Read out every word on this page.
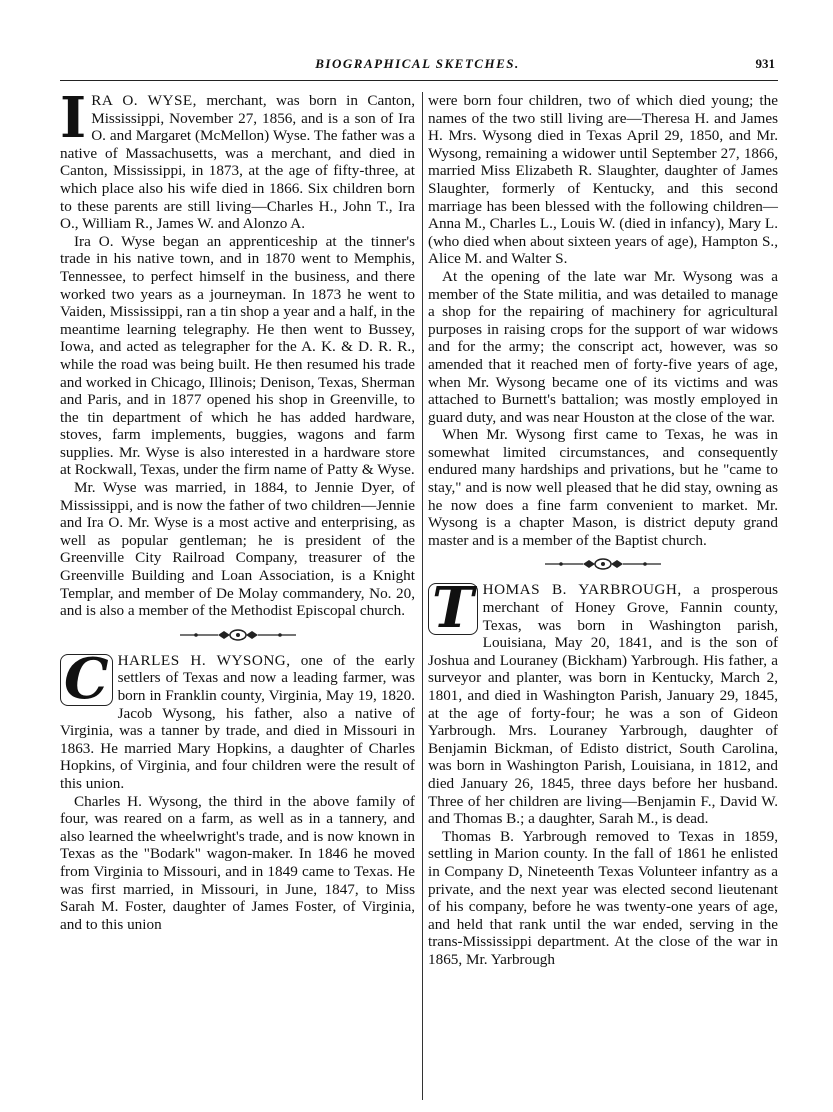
BIOGRAPHICAL SKETCHES.	931

IRA O. WYSE, merchant, was born in Canton, Mississippi, November 27, 1856, and is a son of Ira O. and Margaret (McMellon) Wyse. The father was a native of Massachusetts, was a merchant, and died in Canton, Mississippi, in 1873, at the age of fifty-three, at which place also his wife died in 1866. Six children born to these parents are still living—Charles H., John T., Ira O., William R., James W. and Alonzo A.

Ira O. Wyse began an apprenticeship at the tinner's trade in his native town, and in 1870 went to Memphis, Tennessee, to perfect himself in the business, and there worked two years as a journeyman. In 1873 he went to Vaiden, Mississippi, ran a tin shop a year and a half, in the meantime learning telegraphy. He then went to Bussey, Iowa, and acted as telegrapher for the A. K. & D. R. R., while the road was being built. He then resumed his trade and worked in Chicago, Illinois; Denison, Texas, Sherman and Paris, and in 1877 opened his shop in Greenville, to the tin department of which he has added hardware, stoves, farm implements, buggies, wagons and farm supplies. Mr. Wyse is also interested in a hardware store at Rockwall, Texas, under the firm name of Patty & Wyse.

Mr. Wyse was married, in 1884, to Jennie Dyer, of Mississippi, and is now the father of two children—Jennie and Ira O. Mr. Wyse is a most active and enterprising, as well as popular gentleman; he is president of the Greenville City Railroad Company, treasurer of the Greenville Building and Loan Association, is a Knight Templar, and member of De Molay commandery, No. 20, and is also a member of the Methodist Episcopal church.

C HARLES H. WYSONG, one of the early settlers of Texas and now a leading farmer, was born in Franklin county, Virginia, May 19, 1820. Jacob Wysong, his father, also a native of Virginia, was a tanner by trade, and died in Missouri in 1863. He married Mary Hopkins, a daughter of Charles Hopkins, of Virginia, and four children were the result of this union.

Charles H. Wysong, the third in the above family of four, was reared on a farm, as well as in a tannery, and also learned the wheelwright's trade, and is now known in Texas as the "Bodark" wagon-maker. In 1846 he moved from Virginia to Missouri, and in 1849 came to Texas. He was first married, in Missouri, in June, 1847, to Miss Sarah M. Foster, daughter of James Foster, of Virginia, and to this union

were born four children, two of which died young; the names of the two still living are—Theresa H. and James H. Mrs. Wysong died in Texas April 29, 1850, and Mr. Wysong, remaining a widower until September 27, 1866, married Miss Elizabeth R. Slaughter, daughter of James Slaughter, formerly of Kentucky, and this second marriage has been blessed with the following children—Anna M., Charles L., Louis W. (died in infancy), Mary L. (who died when about sixteen years of age), Hampton S., Alice M. and Walter S.

At the opening of the late war Mr. Wysong was a member of the State militia, and was detailed to manage a shop for the repairing of machinery for agricultural purposes in raising crops for the support of war widows and for the army; the conscript act, however, was so amended that it reached men of forty-five years of age, when Mr. Wysong became one of its victims and was attached to Burnett's battalion; was mostly employed in guard duty, and was near Houston at the close of the war.

When Mr. Wysong first came to Texas, he was in somewhat limited circumstances, and consequently endured many hardships and privations, but he "came to stay," and is now well pleased that he did stay, owning as he now does a fine farm convenient to market. Mr. Wysong is a chapter Mason, is district deputy grand master and is a member of the Baptist church.

T HOMAS B. YARBROUGH, a prosperous merchant of Honey Grove, Fannin county, Texas, was born in Washington parish, Louisiana, May 20, 1841, and is the son of Joshua and Louraney (Bickham) Yarbrough. His father, a surveyor and planter, was born in Kentucky, March 2, 1801, and died in Washington Parish, January 29, 1845, at the age of forty-four; he was a son of Gideon Yarbrough. Mrs. Louraney Yarbrough, daughter of Benjamin Bickman, of Edisto district, South Carolina, was born in Washington Parish, Louisiana, in 1812, and died January 26, 1845, three days before her husband. Three of her children are living—Benjamin F., David W. and Thomas B.; a daughter, Sarah M., is dead.

Thomas B. Yarbrough removed to Texas in 1859, settling in Marion county. In the fall of 1861 he enlisted in Company D, Nineteenth Texas Volunteer infantry as a private, and the next year was elected second lieutenant of his company, before he was twenty-one years of age, and held that rank until the war ended, serving in the trans-Mississippi department. At the close of the war in 1865, Mr. Yarbrough
